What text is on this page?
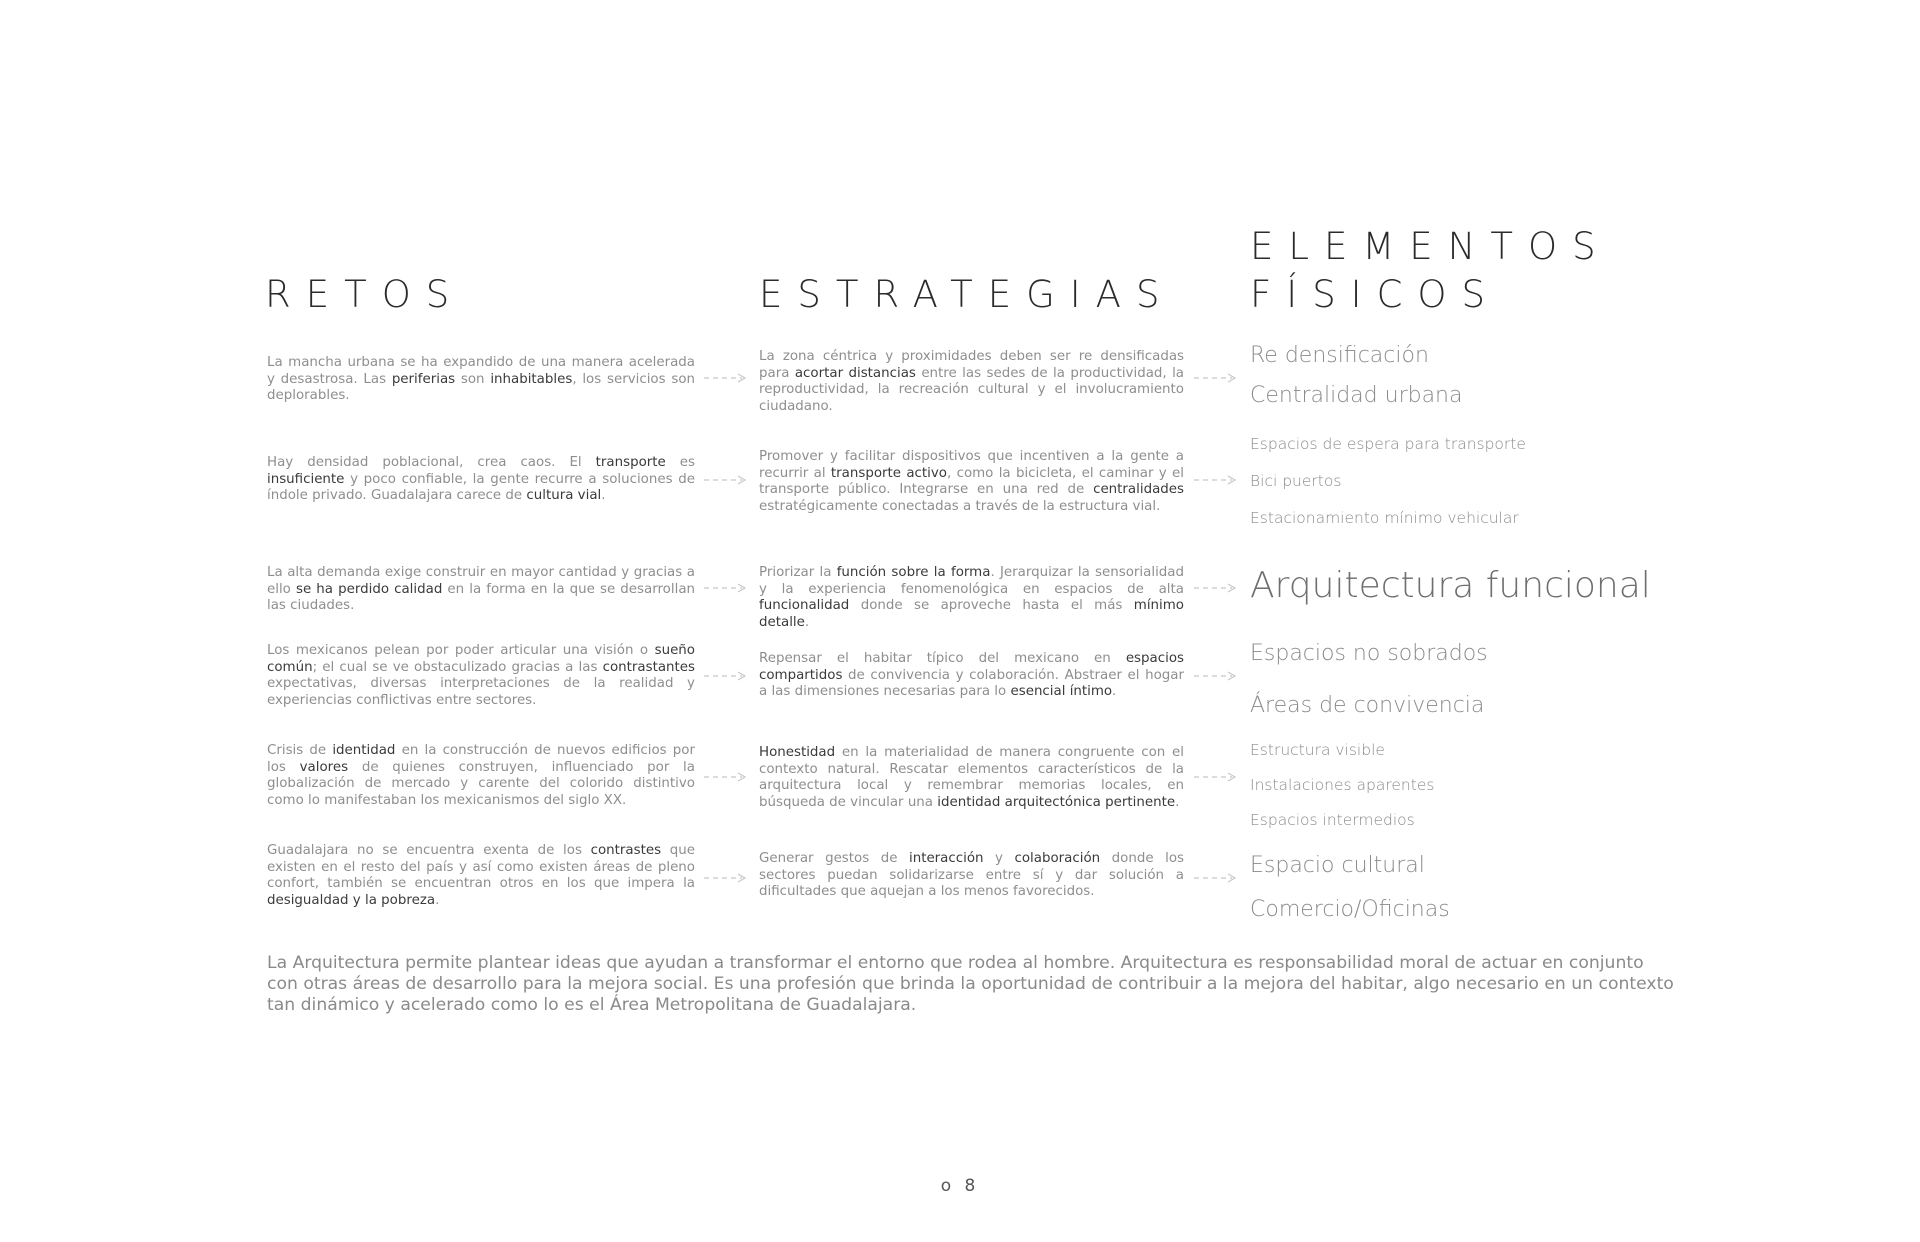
RETOS	ESTRATEGIAS
ELEMENTOS
FÍSICOS

La mancha urbana se ha expandido de una manera acelerada y desastrosa. Las periferias son inhabitables, los servicios son deplorables.

La zona céntrica y proximidades deben ser re densificadas para acortar distancias entre las sedes de la productividad, la reproductividad, la recreación cultural y el involucramiento ciudadano.

Hay densidad poblacional, crea caos. El transporte es insuficiente y poco confiable, la gente recurre a soluciones de índole privado. Guadalajara carece de cultura vial.

Promover y facilitar dispositivos que incentiven a la gente a recurrir al transporte activo, como la bicicleta, el caminar y el transporte público. Integrarse en una red de centralidades estratégicamente conectadas a través de la estructura vial.

La alta demanda exige construir en mayor cantidad y gracias a ello se ha perdido calidad en la forma en la que se desarrollan las ciudades.

Priorizar la función sobre la forma. Jerarquizar la sensorialidad y la experiencia fenomenológica en espacios de alta funcionalidad donde se aproveche hasta el más mínimo detalle.

Los mexicanos pelean por poder articular una visión o sueño común; el cual se ve obstaculizado gracias a las contrastantes expectativas, diversas interpretaciones de la realidad y experiencias conflictivas entre sectores.

Repensar el habitar típico del mexicano en espacios compartidos de convivencia y colaboración. Abstraer el hogar a las dimensiones necesarias para lo esencial íntimo.

Crisis de identidad en la construcción de nuevos edificios por los valores de quienes construyen, influenciado por la globalización de mercado y carente del colorido distintivo como lo manifestaban los mexicanismos del siglo XX.

Honestidad en la materialidad de manera congruente con el contexto natural. Rescatar elementos característicos de la arquitectura local y remembrar memorias locales, en búsqueda de vincular una identidad arquitectónica pertinente.

Guadalajara no se encuentra exenta de los contrastes que existen en el resto del país y así como existen áreas de pleno confort, también se encuentran otros en los que impera la desigualdad y la pobreza.

Generar gestos de interacción y colaboración donde los sectores puedan solidarizarse entre sí y dar solución a dificultades que aquejan a los menos favorecidos.

Re densificación
Centralidad urbana
Espacios de espera para transporte
Bici puertos
Estacionamiento mínimo vehicular
Arquitectura funcional
Espacios no sobrados
Áreas de convivencia
Estructura visible
Instalaciones aparentes
Espacios intermedios
Espacio cultural
Comercio/Oficinas

La Arquitectura permite plantear ideas que ayudan a transformar el entorno que rodea al hombre. Arquitectura es responsabilidad moral de actuar en conjunto con otras áreas de desarrollo para la mejora social. Es una profesión que brinda la oportunidad de contribuir a la mejora del habitar, algo necesario en un contexto tan dinámico y acelerado como lo es el Área Metropolitana de Guadalajara.

o 8
